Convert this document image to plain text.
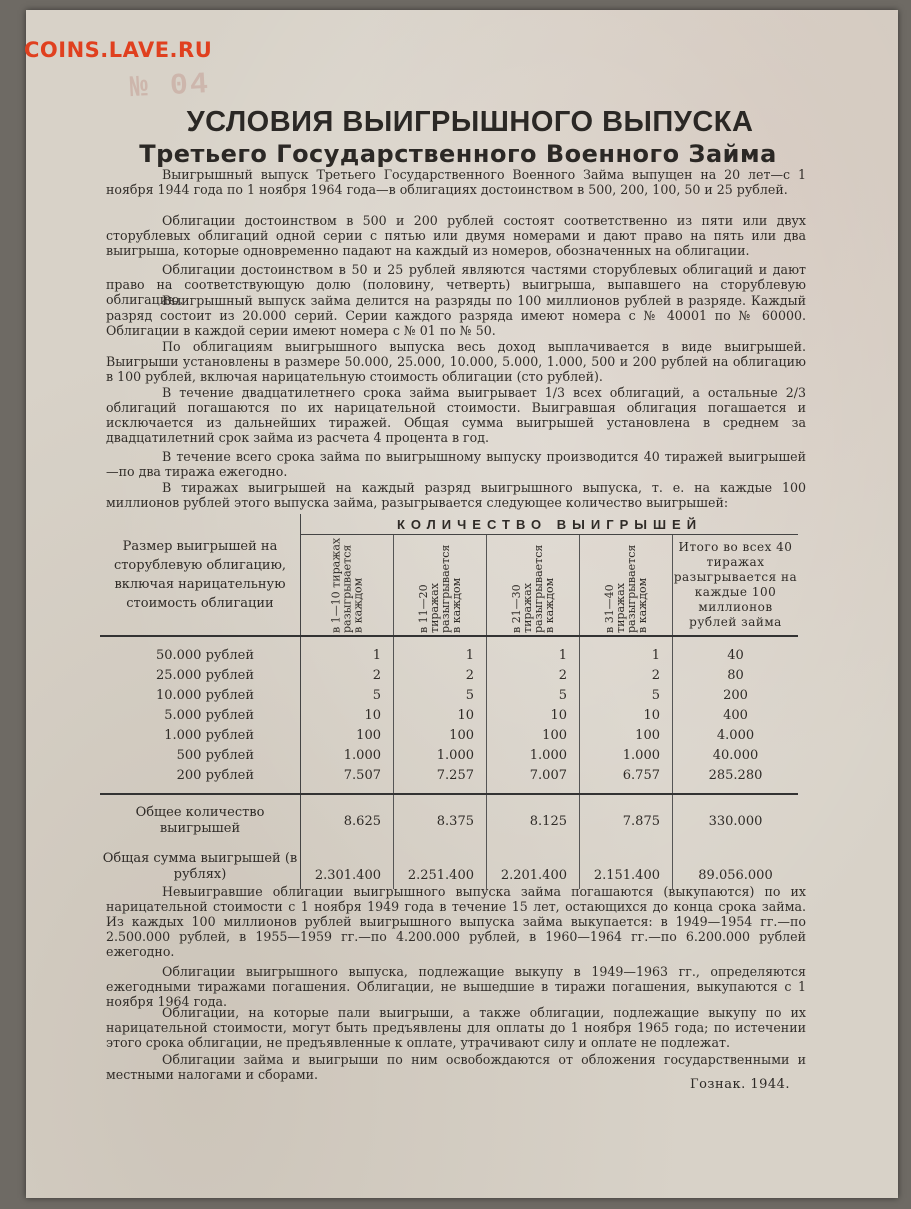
COINS.LAVE.RU
№ 04
УСЛОВИЯ ВЫИГРЫШНОГО ВЫПУСКА
Третьего Государственного Военного Займа
Выигрышный выпуск Третьего Государственного Военного Займа выпущен на 20 лет—с 1 ноября 1944 года по 1 ноября 1964 года—в облигациях достоинством в 500, 200, 100, 50 и 25 рублей.
Облигации достоинством в 500 и 200 рублей состоят соответственно из пяти или двух сторублевых облигаций одной серии с пятью или двумя номерами и дают право на пять или два выигрыша, которые одновременно падают на каждый из номеров, обозначенных на облигации.
Облигации достоинством в 50 и 25 рублей являются частями сторублевых облигаций и дают право на соответствующую долю (половину, четверть) выигрыша, выпавшего на сторублевую облигацию.
Выигрышный выпуск займа делится на разряды по 100 миллионов рублей в разряде. Каждый разряд состоит из 20.000 серий. Серии каждого разряда имеют номера с № 40001 по № 60000. Облигации в каждой серии имеют номера с № 01 по № 50.
По облигациям выигрышного выпуска весь доход выплачивается в виде выигрышей. Выигрыши установлены в размере 50.000, 25.000, 10.000, 5.000, 1.000, 500 и 200 рублей на облигацию в 100 рублей, включая нарицательную стоимость облигации (сто рублей).
В течение двадцатилетнего срока займа выигрывает 1/3 всех облигаций, а остальные 2/3 облигаций погашаются по их нарицательной стоимости. Выигравшая облигация погашается и исключается из дальнейших тиражей. Общая сумма выигрышей установлена в среднем за двадцатилетний срок займа из расчета 4 процента в год.
В течение всего срока займа по выигрышному выпуску производится 40 тиражей выигрышей—по два тиража ежегодно.
В тиражах выигрышей на каждый разряд выигрышного выпуска, т. е. на каждые 100 миллионов рублей этого выпуска займа, разыгрывается следующее количество выигрышей:
Размер выигрышей на сторублевую облигацию, включая нарицательную стоимость облигации	КОЛИЧЕСТВО ВЫИГРЫШЕЙ				

	в 1—10 тиражах разыгрывается в каждом	в 11—20 тиражах разыгрывается в каждом	в 21—30 тиражах разыгрывается в каждом	в 31—40 тиражах разыгрывается в каждом	Итого во всех 40 тиражах разыгрывается на каждые 100 миллионов рублей займа
50.000 рублей	1	1	1	1	40
25.000 рублей	2	2	2	2	80
10.000 рублей	5	5	5	5	200
5.000 рублей	10	10	10	10	400
1.000 рублей	100	100	100	100	4.000
500 рублей	1.000	1.000	1.000	1.000	40.000
200 рублей	7.507	7.257	7.007	6.757	285.280
Общее количество выигрышей	8.625	8.375	8.125	7.875	330.000
Общая сумма выигрышей (в рублях)	2.301.400	2.251.400	2.201.400	2.151.400	89.056.000
Невыигравшие облигации выигрышного выпуска займа погашаются (выкупаются) по их нарицательной стоимости с 1 ноября 1949 года в течение 15 лет, остающихся до конца срока займа. Из каждых 100 миллионов рублей выигрышного выпуска займа выкупается: в 1949—1954 гг.—по 2.500.000 рублей, в 1955—1959 гг.—по 4.200.000 рублей, в 1960—1964 гг.—по 6.200.000 рублей ежегодно.
Облигации выигрышного выпуска, подлежащие выкупу в 1949—1963 гг., определяются ежегодными тиражами погашения. Облигации, не вышедшие в тиражи погашения, выкупаются с 1 ноября 1964 года.
Облигации, на которые пали выигрыши, а также облигации, подлежащие выкупу по их нарицательной стоимости, могут быть предъявлены для оплаты до 1 ноября 1965 года; по истечении этого срока облигации, не предъявленные к оплате, утрачивают силу и оплате не подлежат.
Облигации займа и выигрыши по ним освобождаются от обложения государственными и местными налогами и сборами.
Гознак. 1944.
